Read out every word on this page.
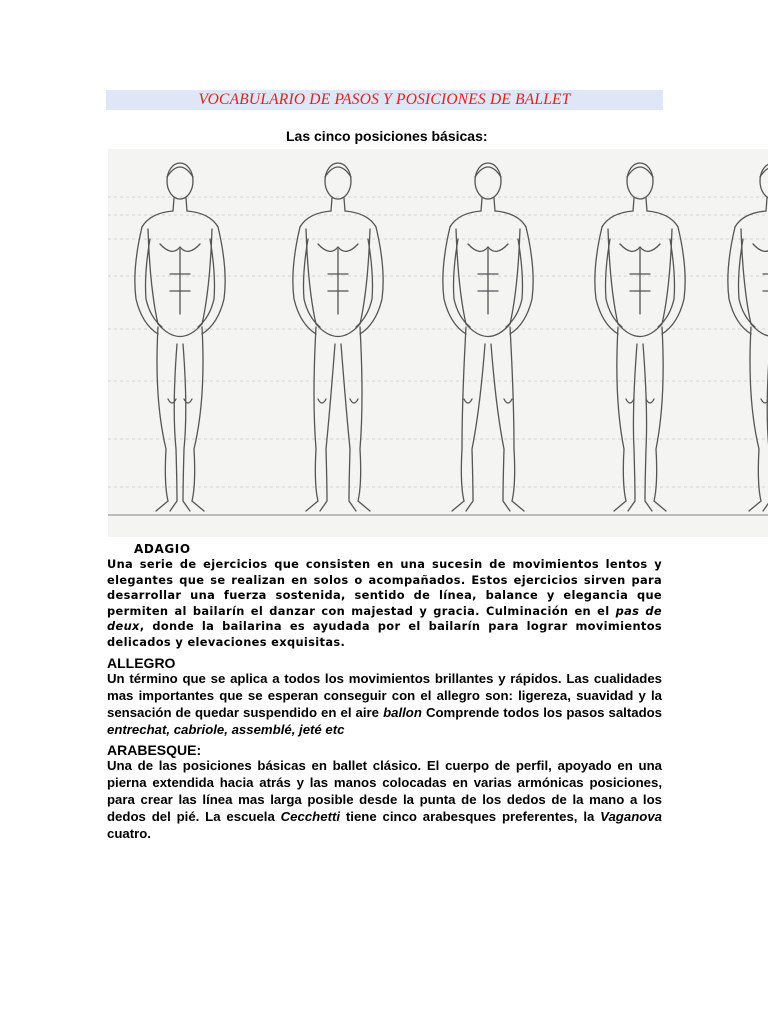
VOCABULARIO DE PASOS Y POSICIONES DE BALLET
Las cinco posiciones básicas:
ADAGIO
Una serie de ejercicios que consisten en una sucesin de movimientos lentos y elegantes que se realizan en solos o acompañados. Estos ejercicios sirven para desarrollar una fuerza sostenida, sentido de línea, balance y elegancia que permiten al bailarín el danzar con majestad y gracia. Culminación en el pas de deux, donde la bailarina es ayudada por el bailarín para lograr movimientos delicados y elevaciones exquisitas.
ALLEGRO
Un término que se aplica a todos los movimientos brillantes y rápidos. Las cualidades mas importantes que se esperan conseguir con el allegro son: ligereza, suavidad y la sensación de quedar suspendido en el aire ballon Comprende todos los pasos saltados entrechat, cabriole, assemblé, jeté etc
ARABESQUE:
Una de las posiciones básicas en ballet clásico. El cuerpo de perfil, apoyado en una pierna extendida hacia atrás y las manos colocadas en varias armónicas posiciones, para crear las línea mas larga posible desde la punta de los dedos de la mano a los dedos del pié. La escuela Cecchetti tiene cinco arabesques preferentes, la Vaganova cuatro.
